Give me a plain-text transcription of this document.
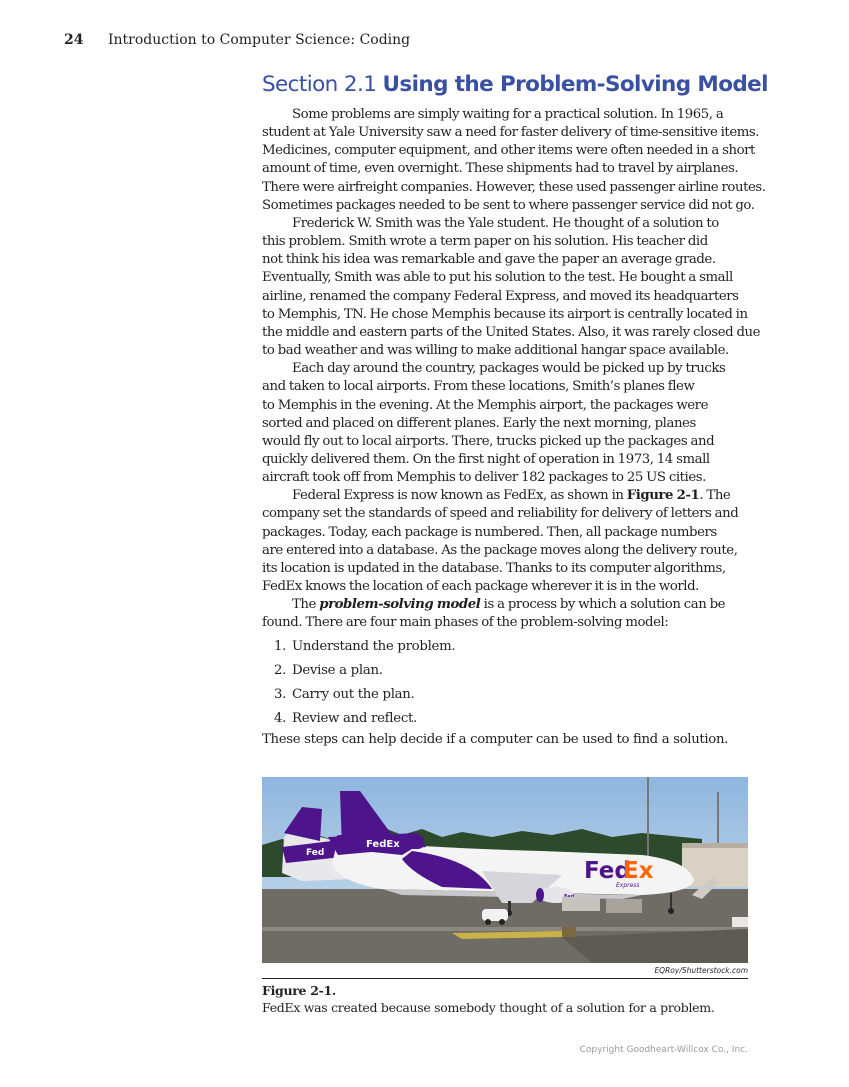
24 Introduction to Computer Science: Coding
Section 2.1 Using the Problem-Solving Model

Some problems are simply waiting for a practical solution. In 1965, a
student at Yale University saw a need for faster delivery of time-sensitive items.
Medicines, computer equipment, and other items were often needed in a short
amount of time, even overnight. These shipments had to travel by airplanes.
There were airfreight companies. However, these used passenger airline routes.
Sometimes packages needed to be sent to where passenger service did not go.

Frederick W. Smith was the Yale student. He thought of a solution to
this problem. Smith wrote a term paper on his solution. His teacher did
not think his idea was remarkable and gave the paper an average grade.
Eventually, Smith was able to put his solution to the test. He bought a small
airline, renamed the company Federal Express, and moved its headquarters
to Memphis, TN. He chose Memphis because its airport is centrally located in
the middle and eastern parts of the United States. Also, it was rarely closed due
to bad weather and was willing to make additional hangar space available.

Each day around the country, packages would be picked up by trucks
and taken to local airports. From these locations, Smith’s planes flew
to Memphis in the evening. At the Memphis airport, the packages were
sorted and placed on different planes. Early the next morning, planes
would fly out to local airports. There, trucks picked up the packages and
quickly delivered them. On the first night of operation in 1973, 14 small
aircraft took off from Memphis to deliver 182 packages to 25 US cities.

Federal Express is now known as FedEx, as shown in Figure 2-1. The
company set the standards of speed and reliability for delivery of letters and
packages. Today, each package is numbered. Then, all package numbers
are entered into a database. As the package moves along the delivery route,
its location is updated in the database. Thanks to its computer algorithms,
FedEx knows the location of each package wherever it is in the world.

The problem-solving model is a process by which a solution can be
found. There are four main phases of the problem-solving model:

1. Understand the problem.
2. Devise a plan.
3. Carry out the plan.
4. Review and reflect.

These steps can help decide if a computer can be used to find a solution.

Fed
FedEx
Fed
Ex
Express
EQRoy/Shutterstock.com
Figure 2-1.
FedEx was created because somebody thought of a solution for a problem.
Copyright Goodheart-Willcox Co., Inc.
